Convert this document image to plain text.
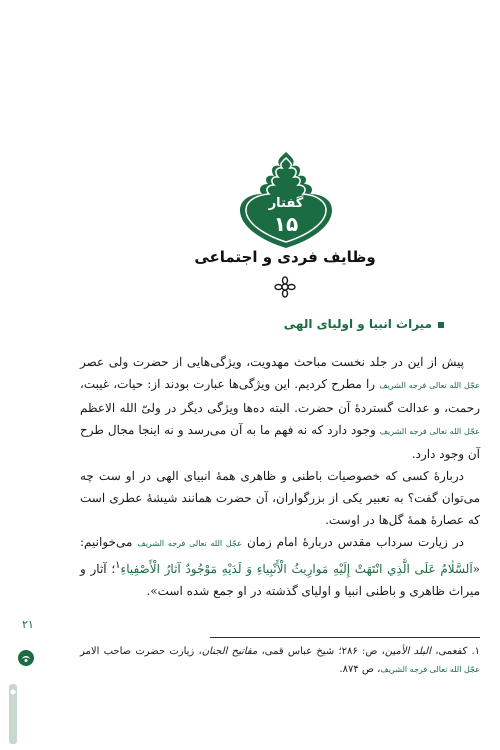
گفتار
۱۵
وظایف فردی و اجتماعی
میراث انبیا و اولیای الهی

پیش از این در جلد نخست مباحث مهدویت، ویژگی‌هایی از حضرت ولی عصر عجّل الله تعالی فرجه الشریف را مطرح کردیم. این ویژگی‌ها عبارت بودند از: حیات، غیبت، رحمت، و عدالت گستردهٔ آن حضرت. البته ده‌ها ویژگی دیگر در ولیّ الله الاعظم عجّل الله تعالی فرجه الشریف وجود دارد که نه فهم ما به آن می‌رسد و نه اینجا مجال طرح آن وجود دارد.

دربارهٔ کسی که خصوصیات باطنی و ظاهری همهٔ انبیای الهی در او ست چه می‌توان گفت؟ به تعبیر یکی از بزرگواران، آن حضرت همانند شیشهٔ عطری است که عصارهٔ همهٔ گل‌ها در اوست.

در زیارت سرداب مقدس دربارهٔ امام زمان عجّل الله تعالی فرجه الشریف می‌خوانیم: «اَلسَّلٰامُ عَلَى الَّذِي انْتَهَتْ إِلَيْهِ مَوارِيثُ الْأَنْبِياءِ وَ لَدَيْهِ مَوْجُودٌ آثارُ الْأَصْفِياءِ$^۱$؛ آثار و میراث ظاهری و باطنی انبیا و اولیای گذشته در او جمع شده است».

۱. کفعمی، البلد الأمین، ص: ۲۸۶؛ شیخ عباس قمی، مفاتیح الجنان، زیارت حضرت صاحب الامر عجّل الله تعالی فرجه الشریف، ص ۸۷۴.
۲۱
